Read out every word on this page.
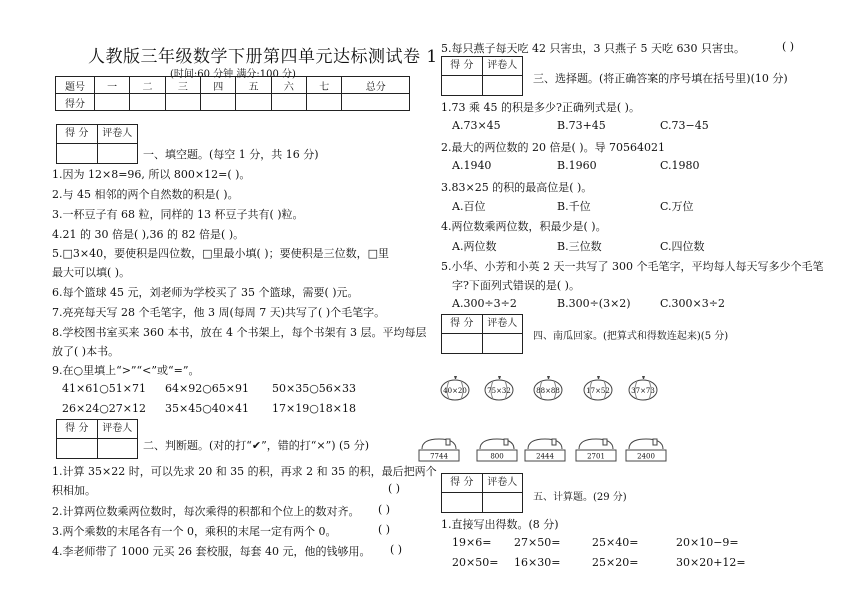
人教版三年级数学下册第四单元达标测试卷 1
(时间:60 分钟 满分:100 分)
题号	一	二	三	四	五	六	七	总分
得分								
得 分	评卷人
一、填空题。(每空 1 分，共 16 分)
1.因为 12×8=96, 所以 800×12=( )。
2.与 45 相邻的两个自然数的积是( )。
3.一杯豆子有 68 粒，同样的 13 杯豆子共有( )粒。
4.21 的 30 倍是( ),36 的 82 倍是( )。
5.□3×40，要使积是四位数，□里最小填( )；要使积是三位数，□里
最大可以填( )。
6.每个篮球 45 元，刘老师为学校买了 35 个篮球，需要( )元。
7.亮亮每天写 28 个毛笔字，他 3 周(每周 7 天)共写了( )个毛笔字。
8.学校图书室买来 360 本书，放在 4 个书架上，每个书架有 3 层。平均每层
放了( )本书。
9.在○里填上“>”“<”或“=”。
41×61○51×71 64×92○65×91 50×35○56×33
26×24○27×12 35×45○40×41 17×19○18×18
得 分	评卷人
二、判断题。(对的打“✔”，错的打“×”) (5 分)
1.计算 35×22 时，可以先求 20 和 35 的积，再求 2 和 35 的积，最后把两个
积相加。	( )
2.计算两位数乘两位数时，每次乘得的积都和个位上的数对齐。 ( )
3.两个乘数的末尾各有一个 0，乘积的末尾一定有两个 0。	( )
4.李老师带了 1000 元买 26 套校服，每套 40 元，他的钱够用。 ( )
5.每只燕子每天吃 42 只害虫，3 只燕子 5 天吃 630 只害虫。	( )
得 分	评卷人
三、选择题。(将正确答案的序号填在括号里)(10 分)
1.73 乘 45 的积是多少?正确列式是( )。
A.73×45	B.73+45	C.73−45
2.最大的两位数的 20 倍是( )。导 70564021
A.1940	B.1960	C.1980
3.83×25 的积的最高位是( )。
A.百位	B.千位	C.万位
4.两位数乘两位数，积最少是( )。
A.两位数	B.三位数	C.四位数
5.小华、小芳和小英 2 天一共写了 300 个毛笔字，平均每人每天写多少个毛笔
字?下面列式错误的是( )。
A.300÷3÷2	B.300÷(3×2)	C.300×3÷2
得 分	评卷人
四、南瓜回家。(把算式和得数连起来)(5 分)
40×20	75×32	88×88	17×52	37×73
7744	800	2444	2701	2400
得 分	评卷人
五、计算题。(29 分)
1.直接写出得数。(8 分)
19×6= 27×50=	25×40=	20×10−9=
20×50= 16×30=	25×20=	30×20+12=
